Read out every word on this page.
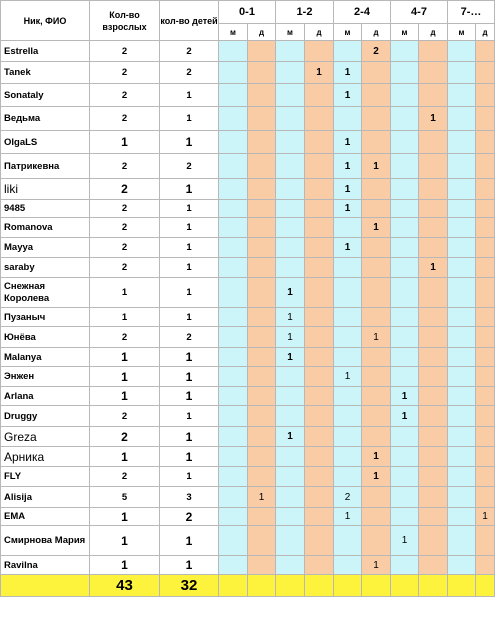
Ник, ФИО	Кол-во взрослых	кол-во детей	0-1		1-2		2-4		4-7		7-…	
			м	д	м	д	м	д	м	д	м	д
Estrella	2	2						2				
Tanek	2	2				1	1					
Sonataly	2	1					1					
Ведьма	2	1								1		
OlgaLS	1	1					1					
Патрикевна	2	2					1	1				
liki	2	1					1					
9485	2	1					1					
Romanova	2	1						1				
Mayya	2	1					1					
saraby	2	1								1		
Снежная Королева	1	1			1							
Пузаныч	1	1			1							
Юнёва	2	2			1			1				
Malanya	1	1			1							
Энжен	1	1					1					
Arlana	1	1							1			
Druggy	2	1							1			
Greza	2	1			1							
Арника	1	1						1				
FLY	2	1						1				
Alisija	5	3		1			2					
EMA	1	2					1					1
Смирнова Мария	1	1							1			
Ravilna	1	1						1				
	43	32										
